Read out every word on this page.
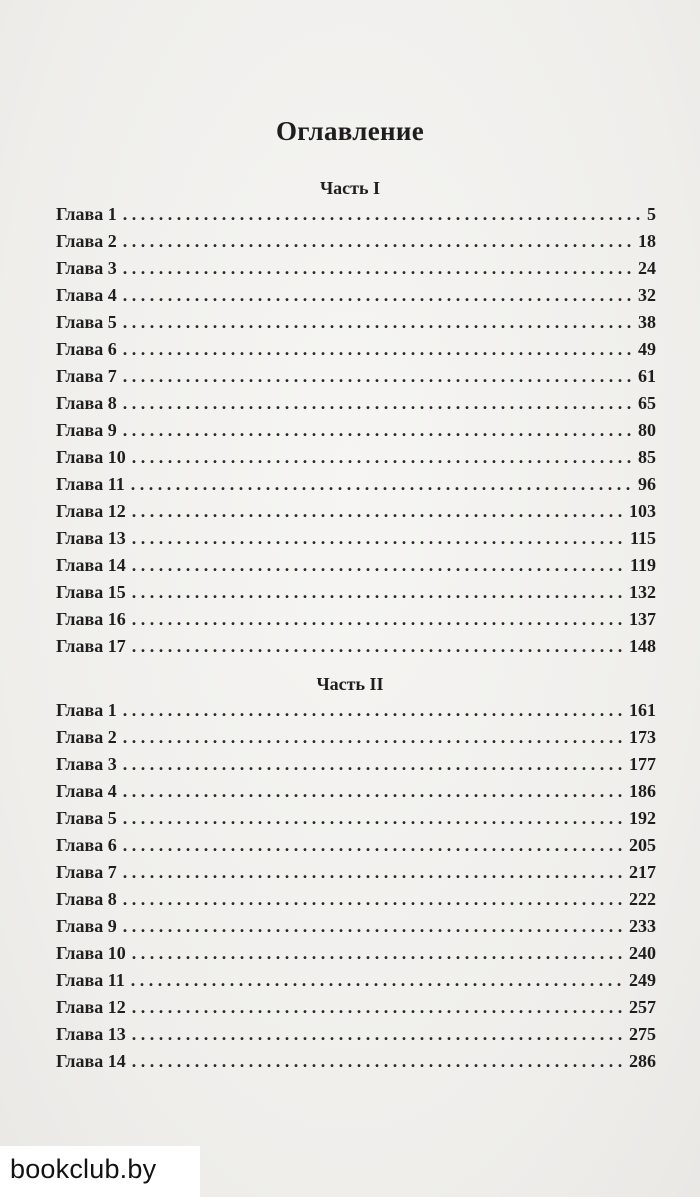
Оглавление
Часть I
Глава 1 . . .	5
Глава 2 . . .	18
Глава 3 . . .	24
Глава 4 . . .	32
Глава 5 . . .	38
Глава 6 . . .	49
Глава 7 . . .	61
Глава 8 . . .	65
Глава 9 . . .	80
Глава 10 . . .	85
Глава 11 . . .	96
Глава 12 . . .	103
Глава 13 . . .	115
Глава 14 . . .	119
Глава 15 . . .	132
Глава 16 . . .	137
Глава 17 . . .	148
Часть II
Глава 1 . . .	161
Глава 2 . . .	173
Глава 3 . . .	177
Глава 4 . . .	186
Глава 5 . . .	192
Глава 6 . . .	205
Глава 7 . . .	217
Глава 8 . . .	222
Глава 9 . . .	233
Глава 10 . . .	240
Глава 11 . . .	249
Глава 12 . . .	257
Глава 13 . . .	275
Глава 14 . . .	286
bookclub.by
